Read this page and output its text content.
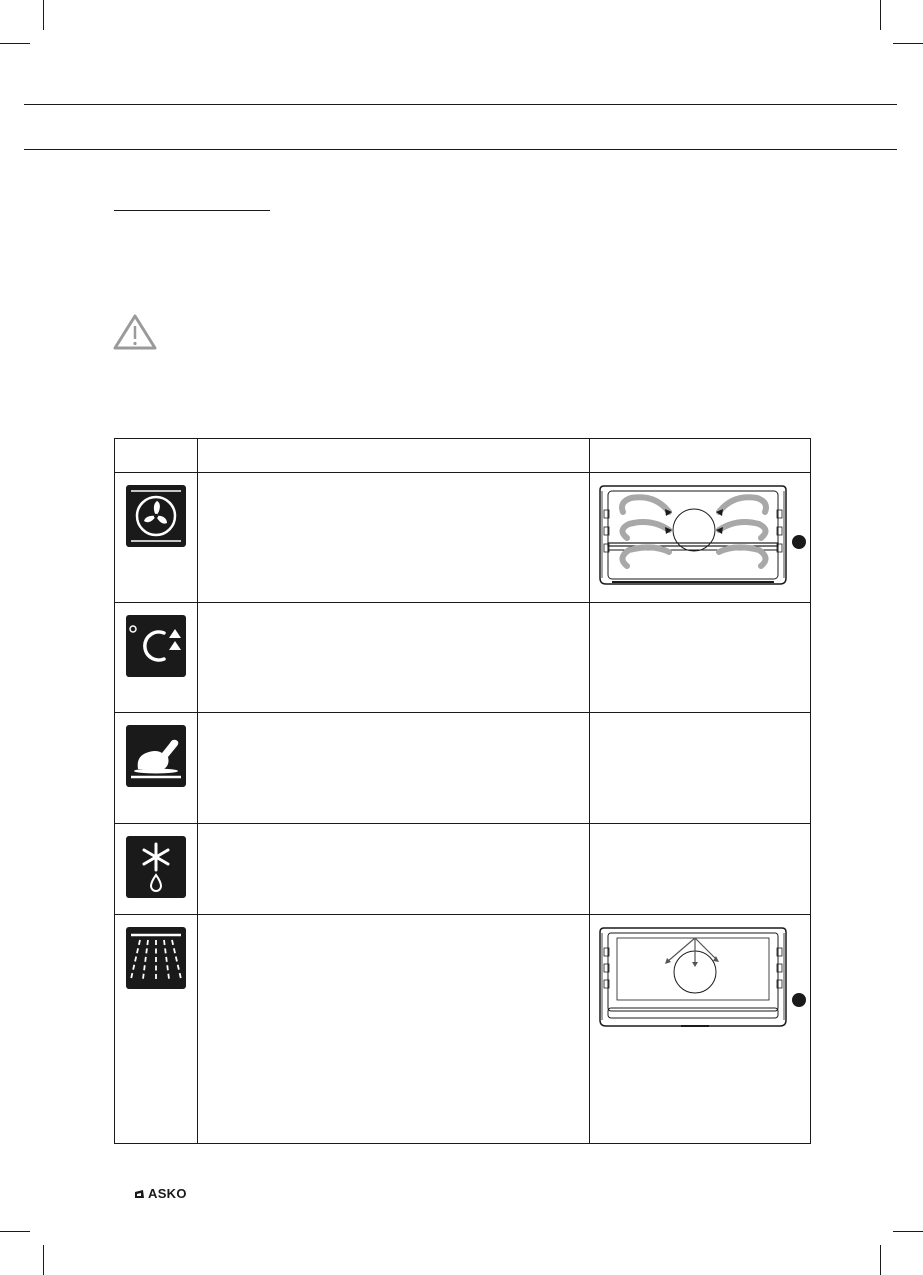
ASKO
